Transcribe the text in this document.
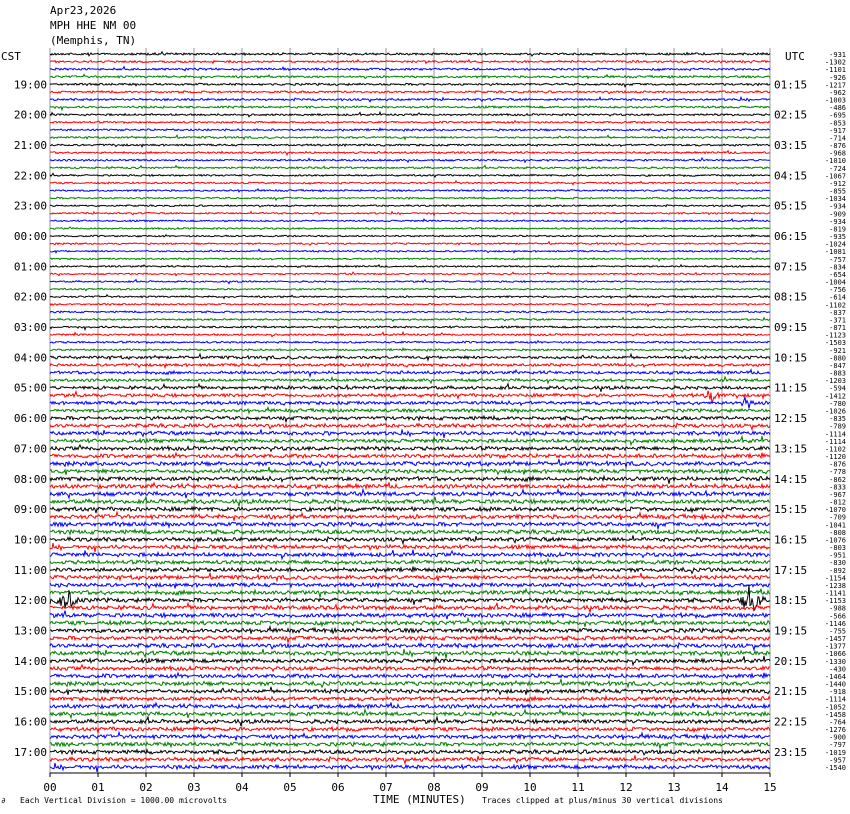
Apr23,2026
MPH HHE NM 00
(Memphis, TN)
CST	UTC
19:00
20:00
21:00
22:00
23:00
00:00
01:00
02:00
03:00
04:00
05:00
06:00
07:00
08:00
09:00
10:00
11:00
12:00
13:00
14:00
15:00
16:00
17:00
01:15
02:15
03:15
04:15
05:15
06:15
07:15
08:15
09:15
10:15
11:15
12:15
13:15
14:15
15:15
16:15
17:15
18:15
19:15
20:15
21:15
22:15
23:15
-931
-1302
-1101
-926
-1217
-962
-1003
-486
-695
-853
-917
-714
-876
-968
-1010
-724
-1067
-912
-855
-1034
-934
-909
-934
-819
-935
-1024
-1081
-757
-834
-654
-1004
-756
-614
-1102
-837
-371
-871
-1123
-1503
-921
-880
-847
-883
-1203
-594
-1412
-780
-1026
-835
-789
-1114
-1114
-1102
-1120
-876
-778
-862
-833
-967
-812
-1070
-709
-1041
-808
-1076
-803
-951
-830
-892
-1154
-1238
-1141
-1153
-988
-566
-1146
-755
-1457
-1377
-1066
-1330
-430
-1464
-1440
-918
-1114
-1052
-1458
-764
-1276
-900
-797
-1019
-957
-1540
00	01	02	03	04	05	06	07	08	09	10	11	12	13	14	15
∂ Each Vertical Division = 1000.00 microvolts	TIME (MINUTES) Traces clipped at plus/minus 30 vertical divisions
